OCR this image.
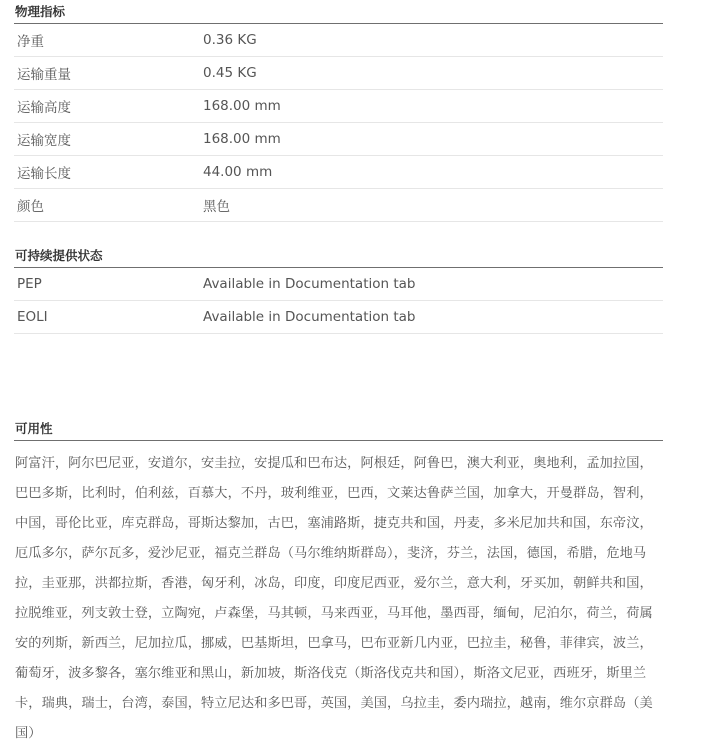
物理指标
净重	0.36 KG
运输重量	0.45 KG
运输高度	168.00 mm
运输宽度	168.00 mm
运输长度	44.00 mm
颜色	黑色
可持续提供状态
PEP	Available in Documentation tab
EOLI	Available in Documentation tab
可用性

阿富汗，阿尔巴尼亚，安道尔，安圭拉，安提瓜和巴布达，阿根廷，阿鲁巴，澳大利亚，奥地利，孟加拉国，巴巴多斯，比利时，伯利兹，百慕大，不丹，玻利维亚，巴西，文莱达鲁萨兰国，加拿大，开曼群岛，智利，中国，哥伦比亚，库克群岛，哥斯达黎加，古巴，塞浦路斯，捷克共和国，丹麦，多米尼加共和国，东帝汶，厄瓜多尔，萨尔瓦多，爱沙尼亚，福克兰群岛（马尔维纳斯群岛），斐济，芬兰，法国，德国，希腊，危地马拉，圭亚那，洪都拉斯，香港，匈牙利，冰岛，印度，印度尼西亚，爱尔兰，意大利，牙买加，朝鲜共和国，拉脱维亚，列支敦士登，立陶宛，卢森堡，马其顿，马来西亚，马耳他，墨西哥，缅甸，尼泊尔，荷兰，荷属安的列斯，新西兰，尼加拉瓜，挪威，巴基斯坦，巴拿马，巴布亚新几内亚，巴拉圭，秘鲁，菲律宾，波兰，葡萄牙，波多黎各，塞尔维亚和黑山，新加坡，斯洛伐克（斯洛伐克共和国），斯洛文尼亚，西班牙，斯里兰卡，瑞典，瑞士，台湾，泰国，特立尼达和多巴哥，英国，美国，乌拉圭，委内瑞拉，越南，维尔京群岛（美国）
